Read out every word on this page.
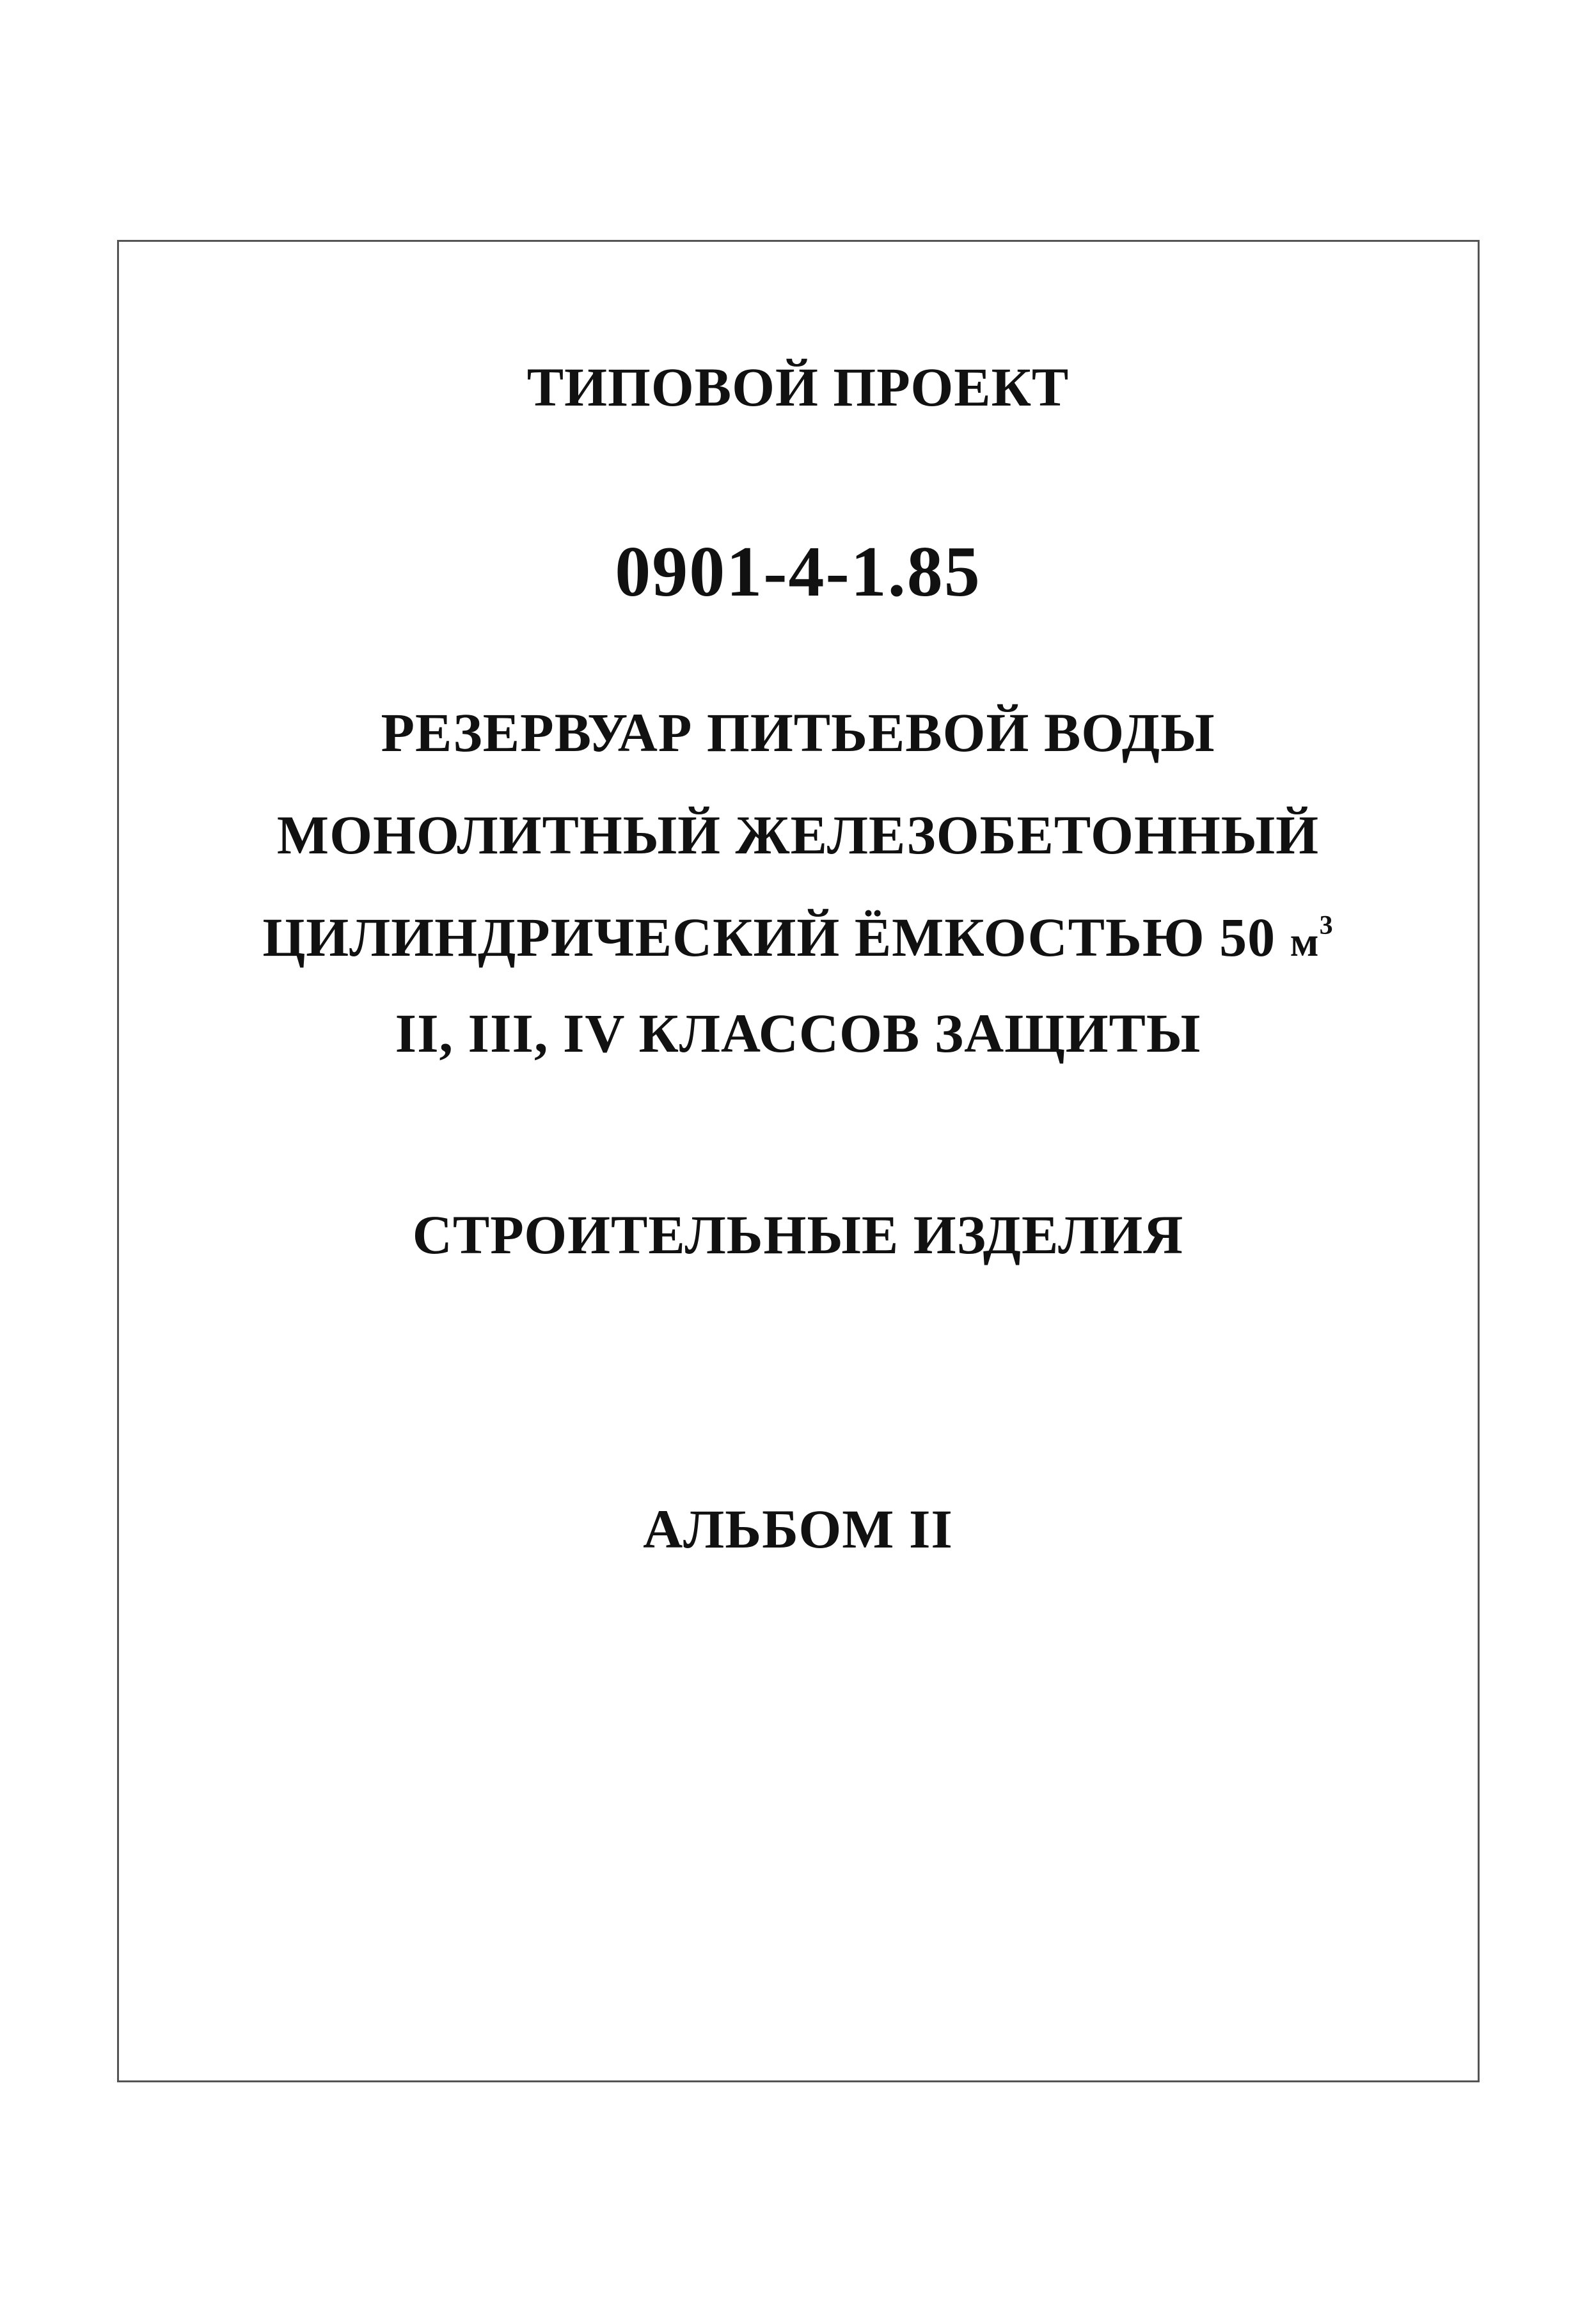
ТИПОВОЙ ПРОЕКТ
0901-4-1.85
РЕЗЕРВУАР ПИТЬЕВОЙ ВОДЫ
МОНОЛИТНЫЙ ЖЕЛЕЗОБЕТОННЫЙ
ЦИЛИНДРИЧЕСКИЙ ЁМКОСТЬЮ 50 $м^3$
II, III, IV КЛАССОВ ЗАЩИТЫ
СТРОИТЕЛЬНЫЕ ИЗДЕЛИЯ
АЛЬБОМ II
